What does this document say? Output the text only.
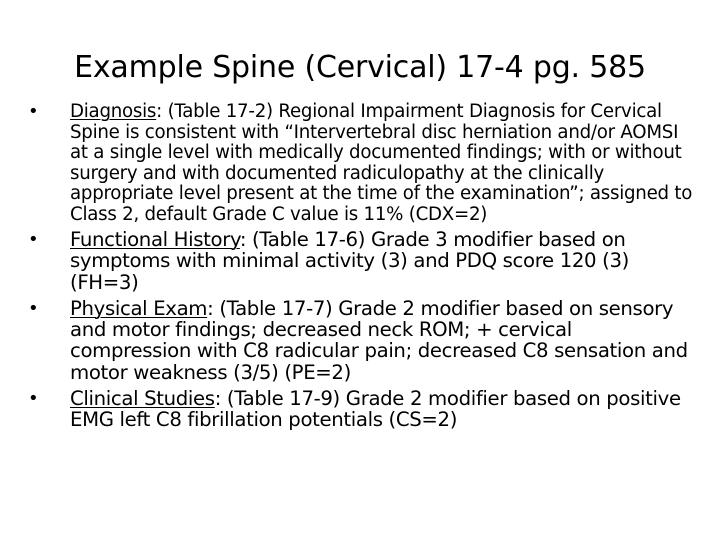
Example Spine (Cervical) 17-4 pg. 585
• Diagnosis: (Table 17-2) Regional Impairment Diagnosis for Cervical Spine is consistent with “Intervertebral disc herniation and/or AOMSI at a single level with medically documented findings; with or without surgery and with documented radiculopathy at the clinically appropriate level present at the time of the examination”; assigned to Class 2, default Grade C value is 11% (CDX=2)
• Functional History: (Table 17-6) Grade 3 modifier based on symptoms with minimal activity (3) and PDQ score 120 (3) (FH=3)
• Physical Exam: (Table 17-7) Grade 2 modifier based on sensory and motor findings; decreased neck ROM; + cervical compression with C8 radicular pain; decreased C8 sensation and motor weakness (3/5) (PE=2)
• Clinical Studies: (Table 17-9) Grade 2 modifier based on positive EMG left C8 fibrillation potentials (CS=2)
